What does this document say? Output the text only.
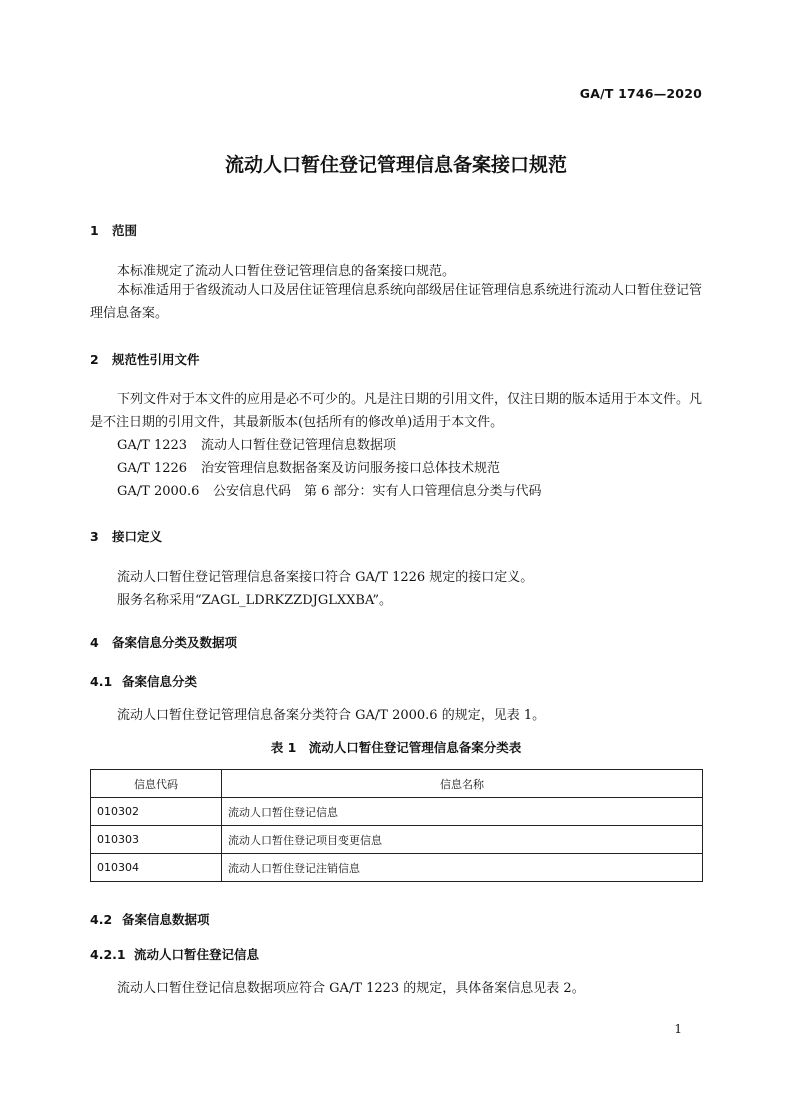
GA/T 1746—2020
流动人口暂住登记管理信息备案接口规范
1 范围
本标准规定了流动人口暂住登记管理信息的备案接口规范。
本标准适用于省级流动人口及居住证管理信息系统向部级居住证管理信息系统进行流动人口暂住登记管理信息备案。
2 规范性引用文件
下列文件对于本文件的应用是必不可少的。凡是注日期的引用文件，仅注日期的版本适用于本文件。凡是不注日期的引用文件，其最新版本(包括所有的修改单)适用于本文件。
GA/T 1223 流动人口暂住登记管理信息数据项
GA/T 1226 治安管理信息数据备案及访问服务接口总体技术规范
GA/T 2000.6 公安信息代码　第 6 部分：实有人口管理信息分类与代码
3 接口定义
流动人口暂住登记管理信息备案接口符合 GA/T 1226 规定的接口定义。
服务名称采用“ZAGL_LDRKZZDJGLXXBA”。
4 备案信息分类及数据项
4.1 备案信息分类
流动人口暂住登记管理信息备案分类符合 GA/T 2000.6 的规定，见表 1。
表 1　流动人口暂住登记管理信息备案分类表
信息代码	信息名称
010302	流动人口暂住登记信息
010303	流动人口暂住登记项目变更信息
010304	流动人口暂住登记注销信息
4.2 备案信息数据项
4.2.1 流动人口暂住登记信息
流动人口暂住登记信息数据项应符合 GA/T 1223 的规定，具体备案信息见表 2。
1
